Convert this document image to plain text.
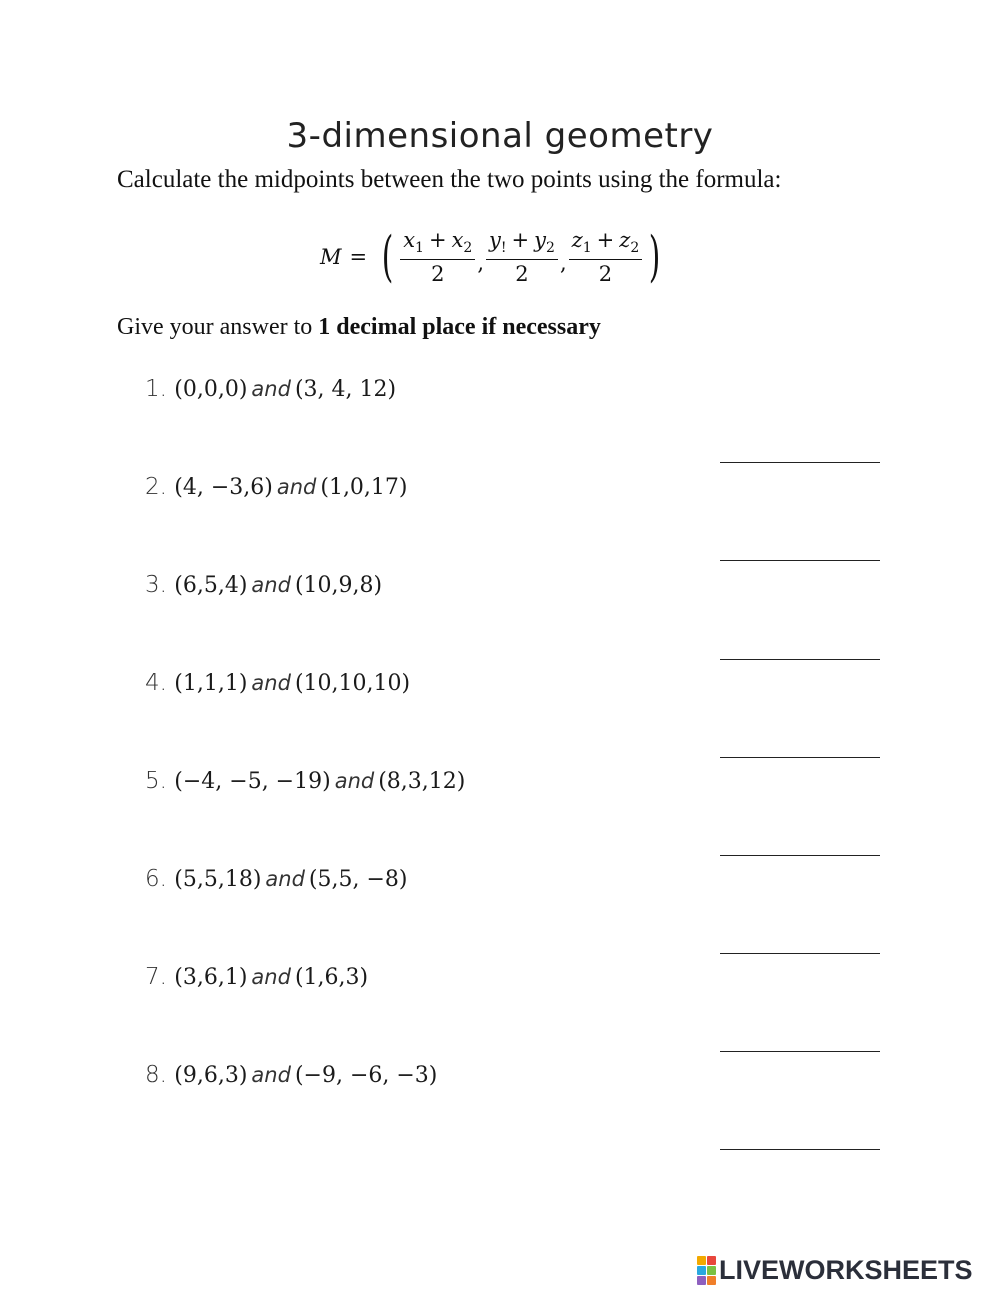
3-dimensional geometry
Calculate the midpoints between the two points using the formula:
M = ( $\frac{x_1 + x_2}{2}$ , $\frac{y_! + y_2}{2}$ , $\frac{z_1 + z_2}{2}$ )
Give your answer to 1 decimal place if necessary
1. (0,0,0) and (3, 4, 12)
2. (4, −3,6) and (1,0,17)
3. (6,5,4) and (10,9,8)
4. (1,1,1) and (10,10,10)
5. (−4, −5, −19) and (8,3,12)
6. (5,5,18) and (5,5, −8)
7. (3,6,1) and (1,6,3)
8. (9,6,3) and (−9, −6, −3)
LIVEWORKSHEETS
